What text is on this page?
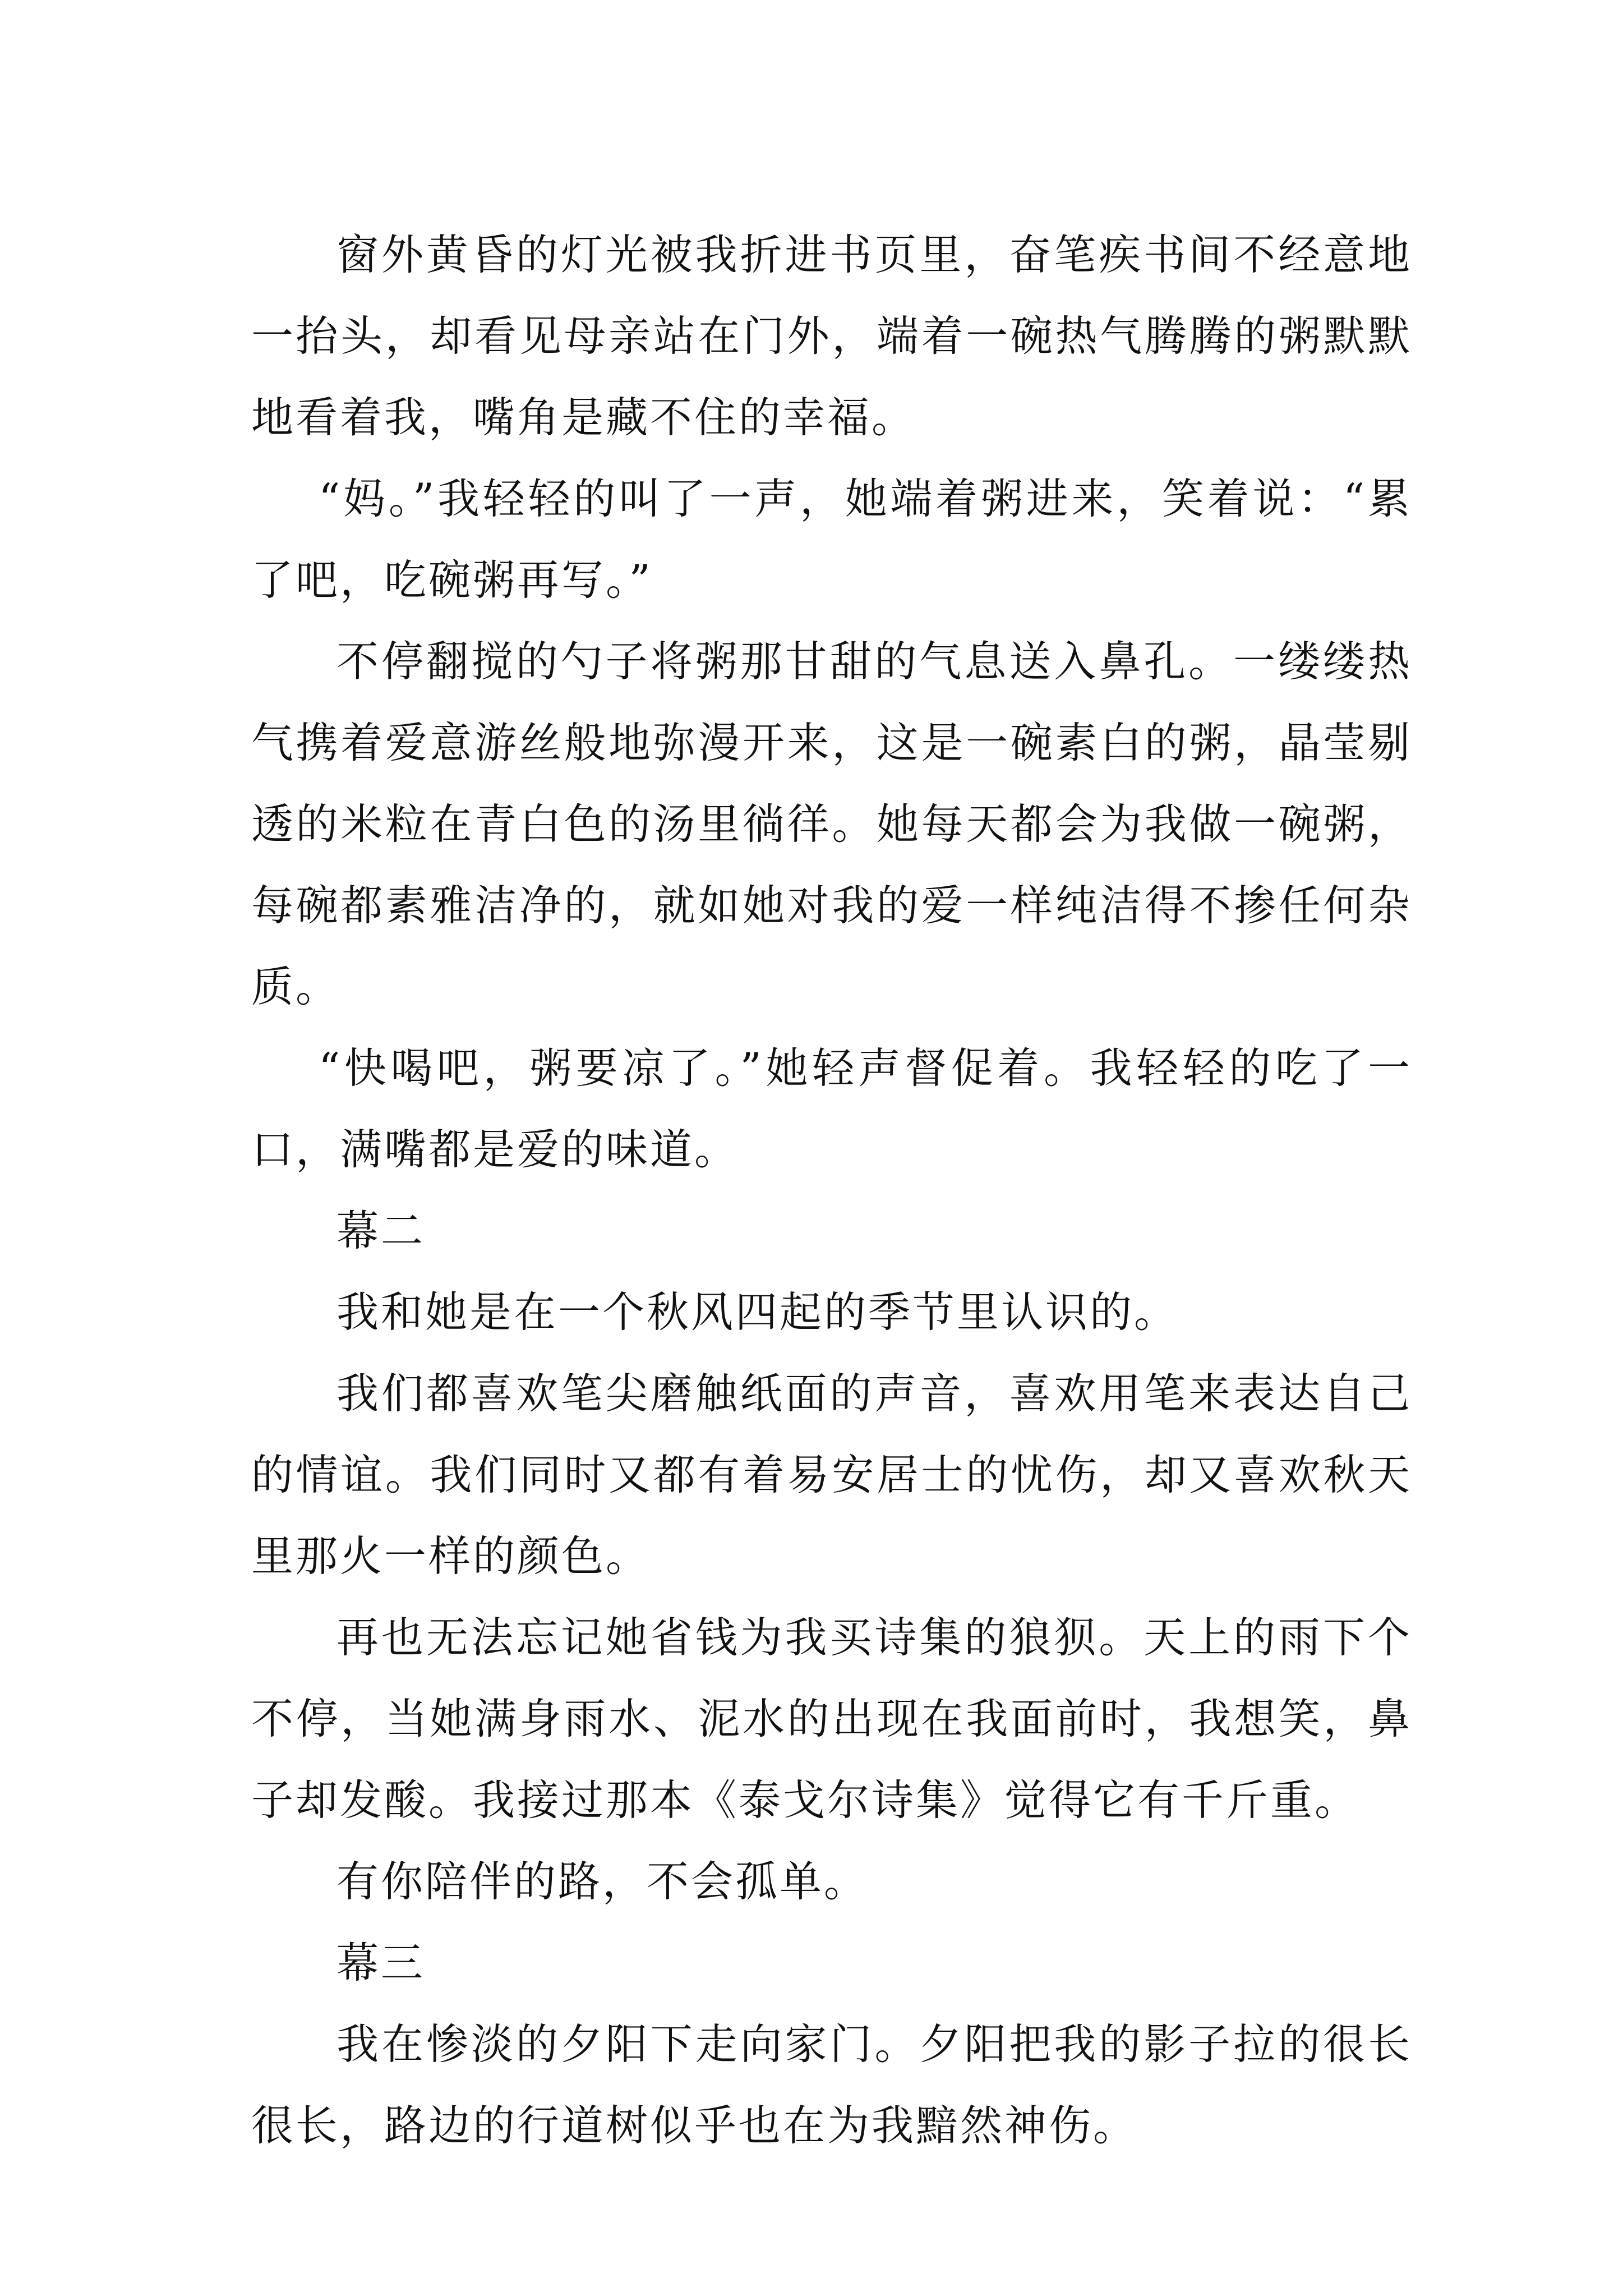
窗外黄昏的灯光被我折进书页里，奋笔疾书间不经意地一抬头，却看见母亲站在门外，端着一碗热气腾腾的粥默默地看着我，嘴角是藏不住的幸福。

“妈。”我轻轻的叫了一声，她端着粥进来，笑着说：“累了吧，吃碗粥再写。”

不停翻搅的勺子将粥那甘甜的气息送入鼻孔。一缕缕热气携着爱意游丝般地弥漫开来，这是一碗素白的粥，晶莹剔透的米粒在青白色的汤里徜徉。她每天都会为我做一碗粥，每碗都素雅洁净的，就如她对我的爱一样纯洁得不掺任何杂质。

“快喝吧，粥要凉了。”她轻声督促着。我轻轻的吃了一口，满嘴都是爱的味道。

幕二

我和她是在一个秋风四起的季节里认识的。

我们都喜欢笔尖磨触纸面的声音，喜欢用笔来表达自己的情谊。我们同时又都有着易安居士的忧伤，却又喜欢秋天里那火一样的颜色。

再也无法忘记她省钱为我买诗集的狼狈。天上的雨下个不停，当她满身雨水、泥水的出现在我面前时，我想笑，鼻子却发酸。我接过那本《泰戈尔诗集》觉得它有千斤重。

有你陪伴的路，不会孤单。

幕三

我在惨淡的夕阳下走向家门。夕阳把我的影子拉的很长很长，路边的行道树似乎也在为我黯然神伤。
